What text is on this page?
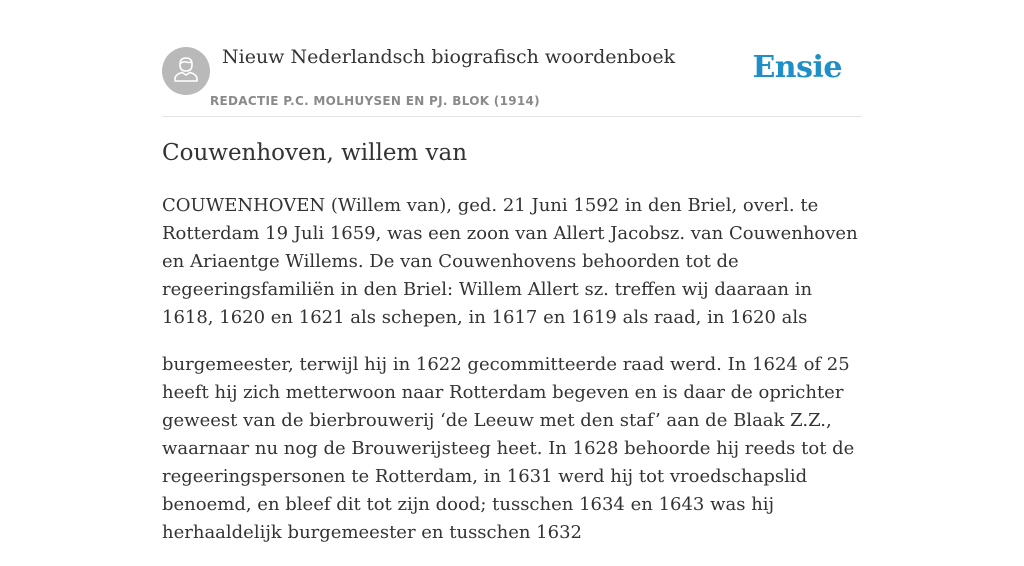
Nieuw Nederlandsch biografisch woordenboek
REDACTIE P.C. MOLHUYSEN EN PJ. BLOK (1914)
Ensie
Couwenhoven, willem van

COUWENHOVEN (Willem van), ged. 21 Juni 1592 in den Briel, overl. te Rotterdam 19 Juli 1659, was een zoon van Allert Jacobsz. van Couwenhoven en Ariaentge Willems. De van Couwenhovens behoorden tot de regeeringsfamiliën in den Briel: Willem Allert sz. treffen wij daaraan in 1618, 1620 en 1621 als schepen, in 1617 en 1619 als raad, in 1620 als

burgemeester, terwijl hij in 1622 gecommitteerde raad werd. In 1624 of 25 heeft hij zich metterwoon naar Rotterdam begeven en is daar de oprichter geweest van de bierbrouwerij ‘de Leeuw met den staf’ aan de Blaak Z.Z., waarnaar nu nog de Brouwerijsteeg heet. In 1628 behoorde hij reeds tot de regeeringspersonen te Rotterdam, in 1631 werd hij tot vroedschapslid benoemd, en bleef dit tot zijn dood; tusschen 1634 en 1643 was hij herhaaldelijk burgemeester en tusschen 1632
